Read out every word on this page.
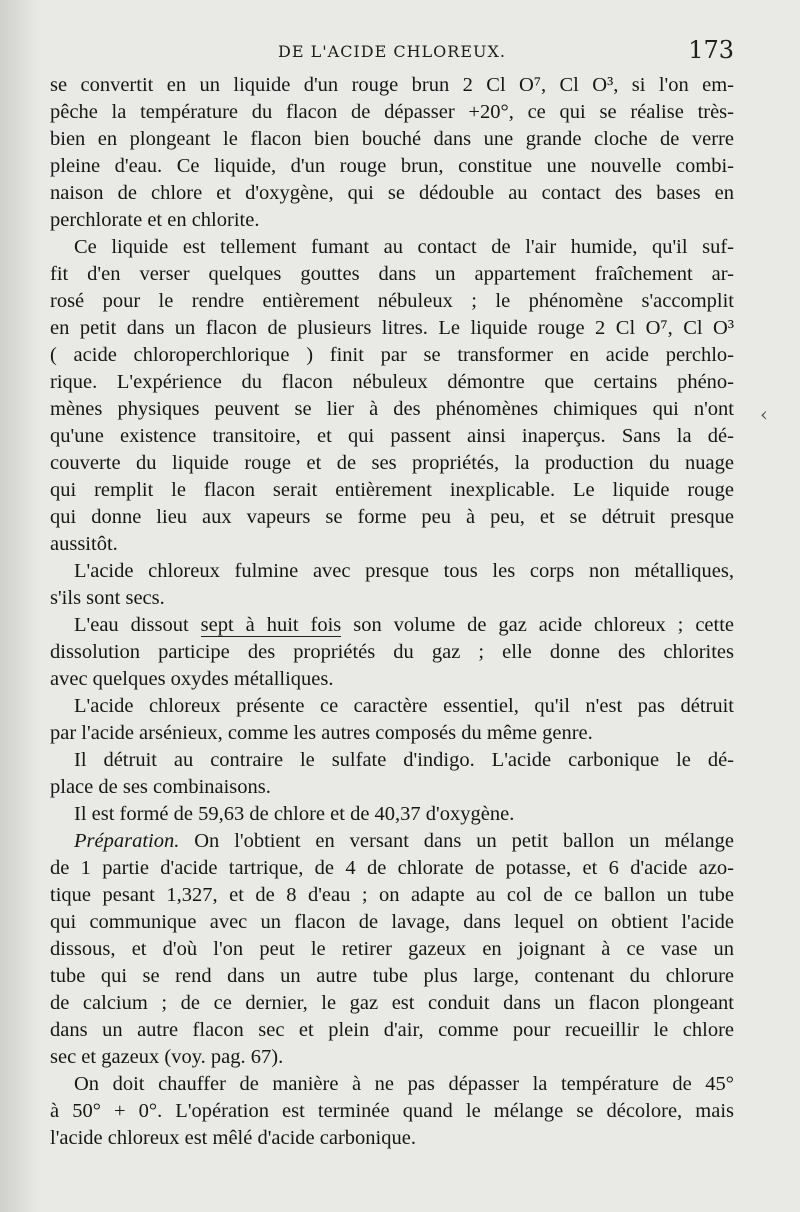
DE L'ACIDE CHLOREUX.	173
se convertit en un liquide d'un rouge brun 2 Cl O⁷, Cl O³, si l'on em-
pêche la température du flacon de dépasser +20°, ce qui se réalise très-
bien en plongeant le flacon bien bouché dans une grande cloche de verre
pleine d'eau. Ce liquide, d'un rouge brun, constitue une nouvelle combi-
naison de chlore et d'oxygène, qui se dédouble au contact des bases en
perchlorate et en chlorite.
Ce liquide est tellement fumant au contact de l'air humide, qu'il suf-
fit d'en verser quelques gouttes dans un appartement fraîchement ar-
rosé pour le rendre entièrement nébuleux ; le phénomène s'accomplit
en petit dans un flacon de plusieurs litres. Le liquide rouge 2 Cl O⁷, Cl O³
( acide chloroperchlorique ) finit par se transformer en acide perchlo-
rique. L'expérience du flacon nébuleux démontre que certains phéno-
mènes physiques peuvent se lier à des phénomènes chimiques qui n'ont
qu'une existence transitoire, et qui passent ainsi inaperçus. Sans la dé-
couverte du liquide rouge et de ses propriétés, la production du nuage
qui remplit le flacon serait entièrement inexplicable. Le liquide rouge
qui donne lieu aux vapeurs se forme peu à peu, et se détruit presque
aussitôt.
L'acide chloreux fulmine avec presque tous les corps non métalliques,
s'ils sont secs.
L'eau dissout sept à huit fois son volume de gaz acide chloreux ; cette
dissolution participe des propriétés du gaz ; elle donne des chlorites
avec quelques oxydes métalliques.
L'acide chloreux présente ce caractère essentiel, qu'il n'est pas détruit
par l'acide arsénieux, comme les autres composés du même genre.
Il détruit au contraire le sulfate d'indigo. L'acide carbonique le dé-
place de ses combinaisons.
Il est formé de 59,63 de chlore et de 40,37 d'oxygène.
Préparation. On l'obtient en versant dans un petit ballon un mélange
de 1 partie d'acide tartrique, de 4 de chlorate de potasse, et 6 d'acide azo-
tique pesant 1,327, et de 8 d'eau ; on adapte au col de ce ballon un tube
qui communique avec un flacon de lavage, dans lequel on obtient l'acide
dissous, et d'où l'on peut le retirer gazeux en joignant à ce vase un
tube qui se rend dans un autre tube plus large, contenant du chlorure
de calcium ; de ce dernier, le gaz est conduit dans un flacon plongeant
dans un autre flacon sec et plein d'air, comme pour recueillir le chlore
sec et gazeux (voy. pag. 67).
On doit chauffer de manière à ne pas dépasser la température de 45°
à 50° + 0°. L'opération est terminée quand le mélange se décolore, mais
l'acide chloreux est mêlé d'acide carbonique.
‹
